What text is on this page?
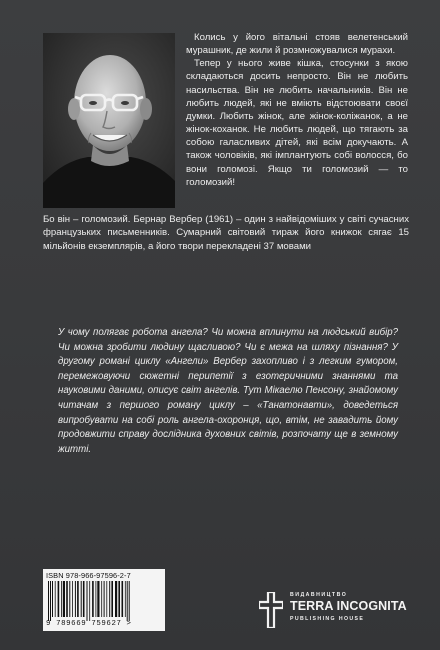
Колись у його вітальні стояв велетенський мурашник, де жили й розмножувалися мурахи.

Тепер у нього живе кішка, стосунки з якою складаються досить непросто. Він не любить насильства. Він не любить начальників. Він не любить людей, які не вміють відстоювати своєї думки. Любить жінок, але жінок-коліжанок, а не жінок-коханок. Не любить людей, що тягають за собою галасливих дітей, які всім докучають. А також чоловіків, які імплантують собі волосся, бо вони голомозі. Якщо ти голомозий — то голомозий!

Бо він – голомозий. Бернар Вербер (1961) – один з найвідоміших у світі сучасних французьких письменників. Сумарний світовий тираж його книжок сягає 15 мільйонів екземплярів, а його твори перекладені 37 мовами
У чому полягає робота ангела? Чи можна вплинути на людський вибір? Чи можна зробити людину щасливою? Чи є межа на шляху пізнання? У другому романі циклу «Ангели» Вербер захопливо і з легким гумором, перемежовуючи сюжетні перипетії з езотеричними знаннями та науковими даними, описує світ ангелів. Тут Мікаелю Пенсону, знайомому читачам з першого роману циклу – «Танатонавти», доведеться випробувати на собі роль ангела-охоронця, що, втім, не завадить йому продовжити справу дослідника духовних світів, розпочату ще в земному житті.
ISBN 978-966-97596-2-7
9 789669 759627 >
ВИДАВНИЦТВО
TERRA INCOGNITA
PUBLISHING HOUSE
